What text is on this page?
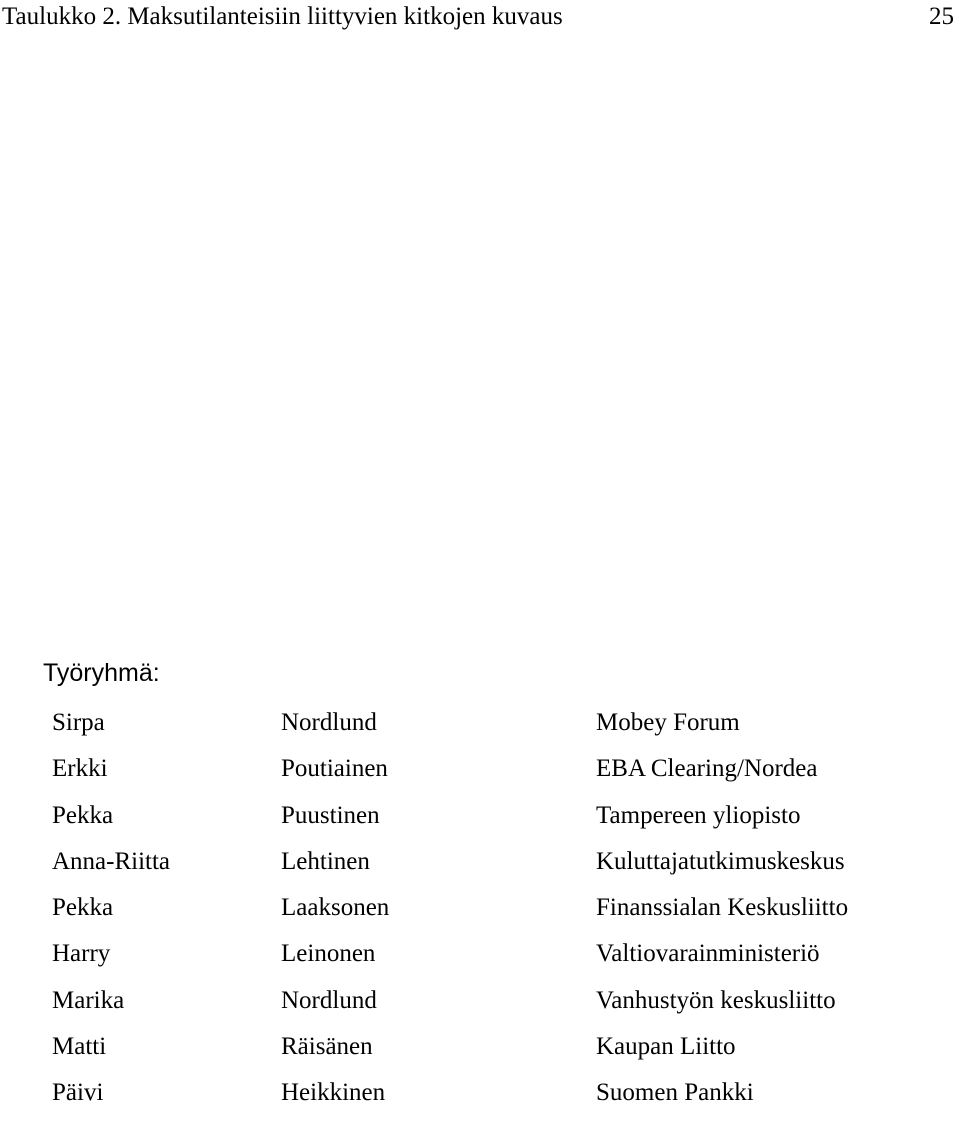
Taulukko 2. Maksutilanteisiin liittyvien kitkojen kuvaus	25
Työryhmä:
Sirpa	Nordlund	Mobey Forum
Erkki	Poutiainen	EBA Clearing/Nordea
Pekka	Puustinen	Tampereen yliopisto
Anna-Riitta	Lehtinen	Kuluttajatutkimuskeskus
Pekka	Laaksonen	Finanssialan Keskusliitto
Harry	Leinonen	Valtiovarainministeriö
Marika	Nordlund	Vanhustyön keskusliitto
Matti	Räisänen	Kaupan Liitto
Päivi	Heikkinen	Suomen Pankki
